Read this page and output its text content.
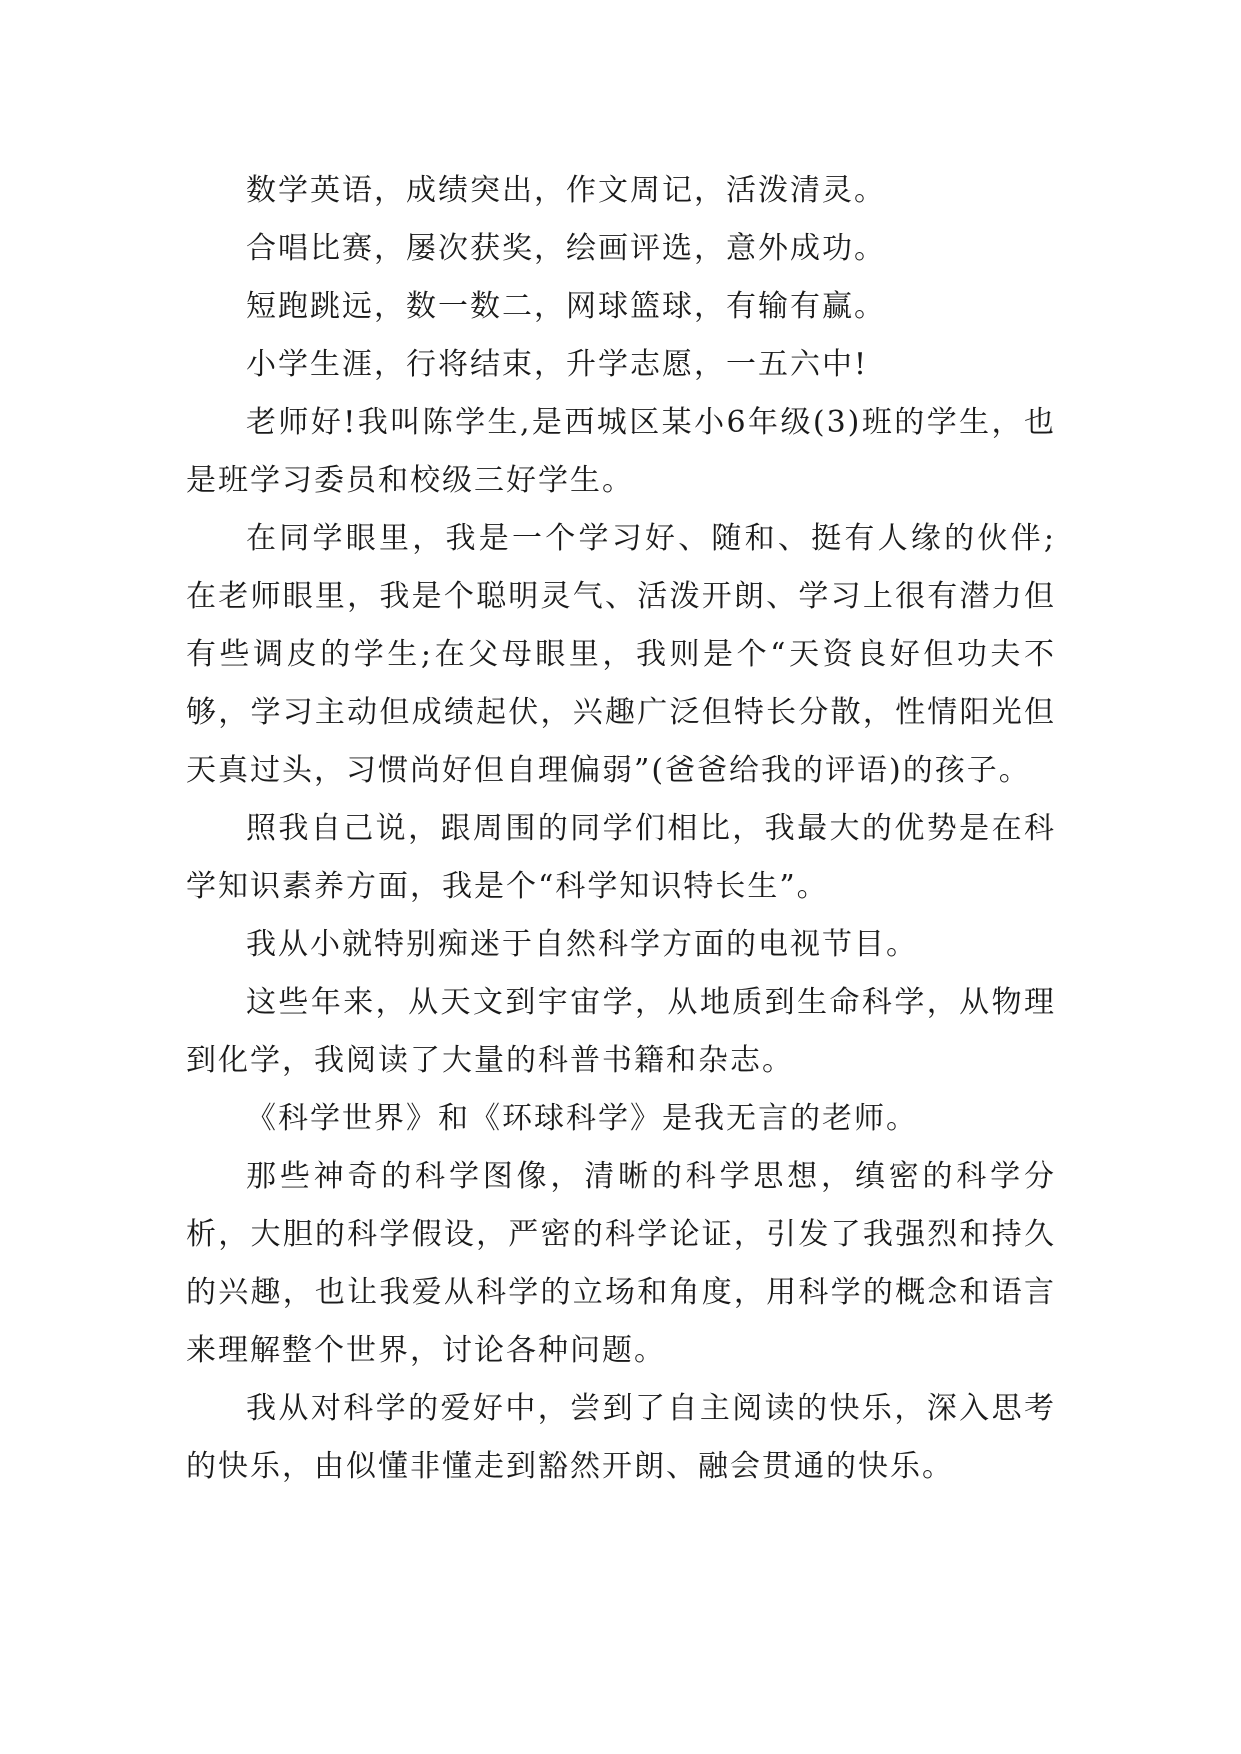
数学英语，成绩突出，作文周记，活泼清灵。

合唱比赛，屡次获奖，绘画评选，意外成功。

短跑跳远，数一数二，网球篮球，有输有赢。

小学生涯，行将结束，升学志愿，一五六中!

老师好!我叫陈学生,是西城区某小6年级(3)班的学生，也是班学习委员和校级三好学生。

在同学眼里，我是一个学习好、随和、挺有人缘的伙伴;在老师眼里，我是个聪明灵气、活泼开朗、学习上很有潜力但有些调皮的学生;在父母眼里，我则是个“天资良好但功夫不够，学习主动但成绩起伏，兴趣广泛但特长分散，性情阳光但天真过头，习惯尚好但自理偏弱”(爸爸给我的评语)的孩子。

照我自己说，跟周围的同学们相比，我最大的优势是在科学知识素养方面，我是个“科学知识特长生”。

我从小就特别痴迷于自然科学方面的电视节目。

这些年来，从天文到宇宙学，从地质到生命科学，从物理到化学，我阅读了大量的科普书籍和杂志。

《科学世界》和《环球科学》是我无言的老师。

那些神奇的科学图像，清晰的科学思想，缜密的科学分析，大胆的科学假设，严密的科学论证，引发了我强烈和持久的兴趣，也让我爱从科学的立场和角度，用科学的概念和语言来理解整个世界，讨论各种问题。

我从对科学的爱好中，尝到了自主阅读的快乐，深入思考的快乐，由似懂非懂走到豁然开朗、融会贯通的快乐。
